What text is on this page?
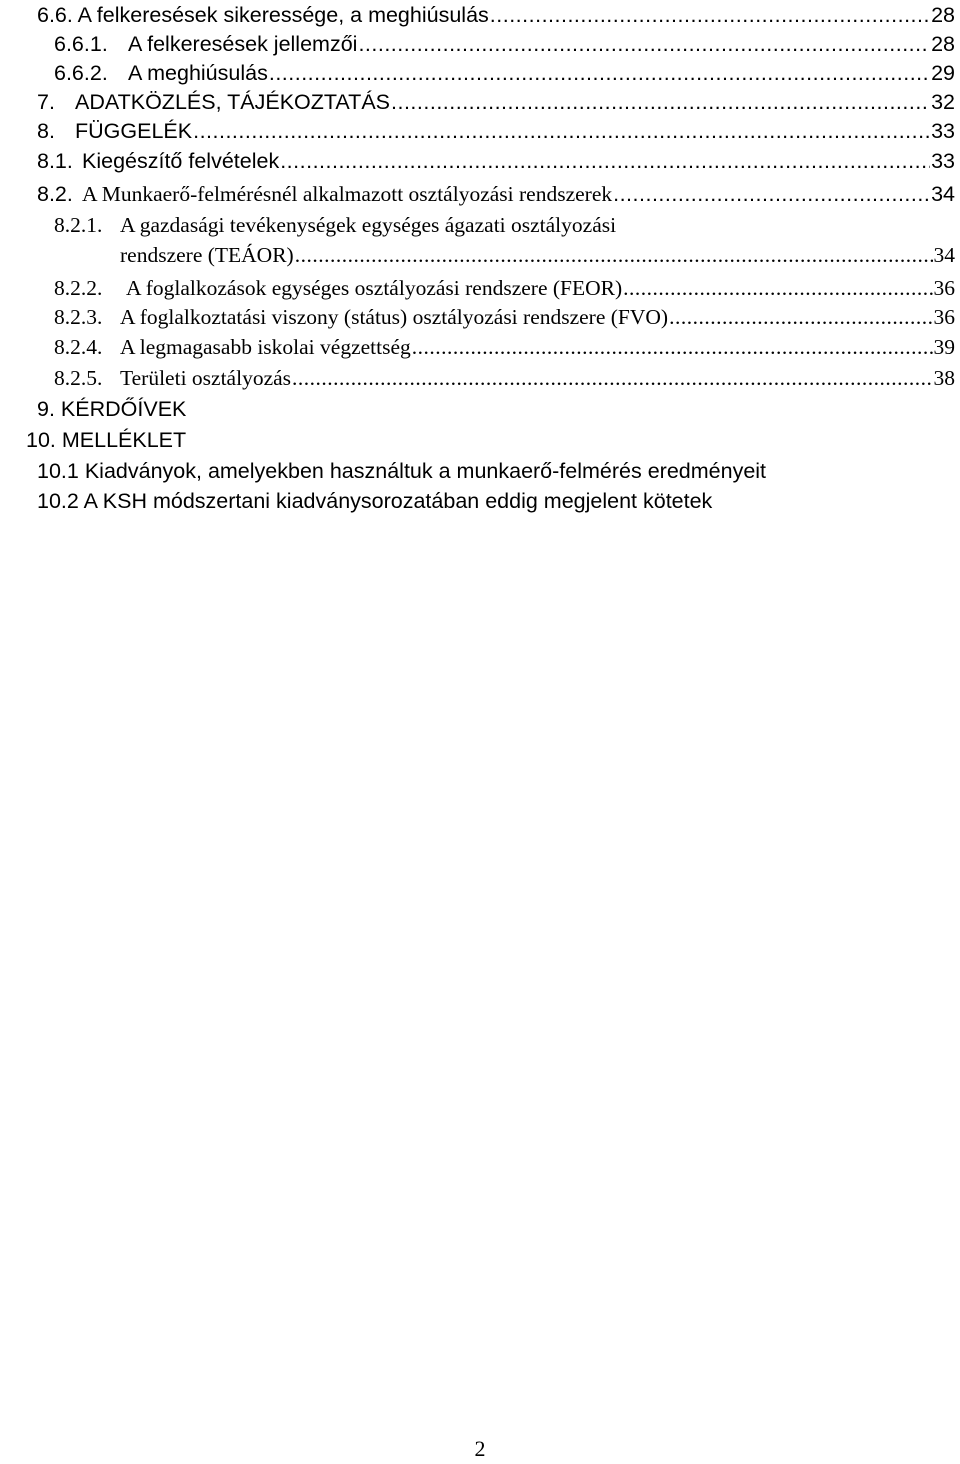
6.6. A felkeresések sikeressége, a meghiúsulás .....	28
6.6.1. A felkeresések jellemzői .....	28
6.6.2. A meghiúsulás .....	29
7. ADATKÖZLÉS, TÁJÉKOZTATÁS .....	32
8. FÜGGELÉK .....	33
8.1. Kiegészítő felvételek .....	33
8.2. A Munkaerő-felmérésnél alkalmazott osztályozási rendszerek .....	34
8.2.1. A gazdasági tevékenységek egységes ágazati osztályozási
rendszere (TEÁOR) .....	34
8.2.2. A foglalkozások egységes osztályozási rendszere (FEOR) .....	36
8.2.3. A foglalkoztatási viszony (státus) osztályozási rendszere (FVO) .....	36
8.2.4. A legmagasabb iskolai végzettség .....	39
8.2.5. Területi osztályozás .....	38
9. KÉRDŐÍVEK
10. MELLÉKLET
10.1 Kiadványok, amelyekben használtuk a munkaerő-felmérés eredményeit
10.2 A KSH módszertani kiadványsorozatában eddig megjelent kötetek
2
